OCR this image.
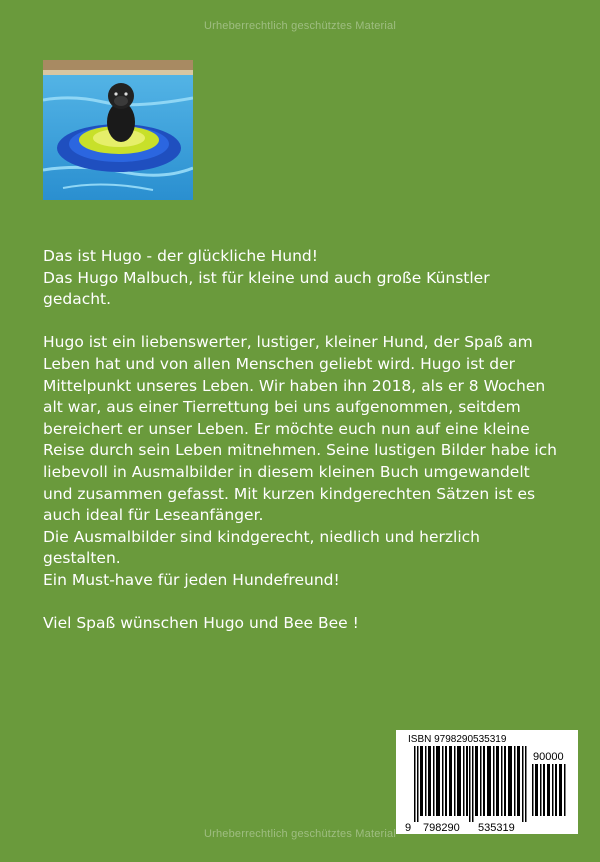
Urheberrechtlich geschütztes Material

Das ist Hugo - der glückliche Hund!
Das Hugo Malbuch, ist für kleine und auch große Künstler gedacht.

Hugo ist ein liebenswerter, lustiger, kleiner Hund, der Spaß am Leben hat und von allen Menschen geliebt wird. Hugo ist der Mittelpunkt unseres Leben. Wir haben ihn 2018, als er 8 Wochen alt war, aus einer Tierrettung bei uns aufgenommen, seitdem bereichert er unser Leben. Er möchte euch nun auf eine kleine Reise durch sein Leben mitnehmen. Seine lustigen Bilder habe ich liebevoll in Ausmalbilder in diesem kleinen Buch umgewandelt und zusammen gefasst. Mit kurzen kindgerechten Sätzen ist es auch ideal für Leseanfänger.
Die Ausmalbilder sind kindgerecht, niedlich und herzlich gestalten.
Ein Must-have für jeden Hundefreund!

Viel Spaß wünschen Hugo und Bee Bee !

ISBN 9798290535319
90000
9 798290 535319
Urheberrechtlich geschütztes Material
